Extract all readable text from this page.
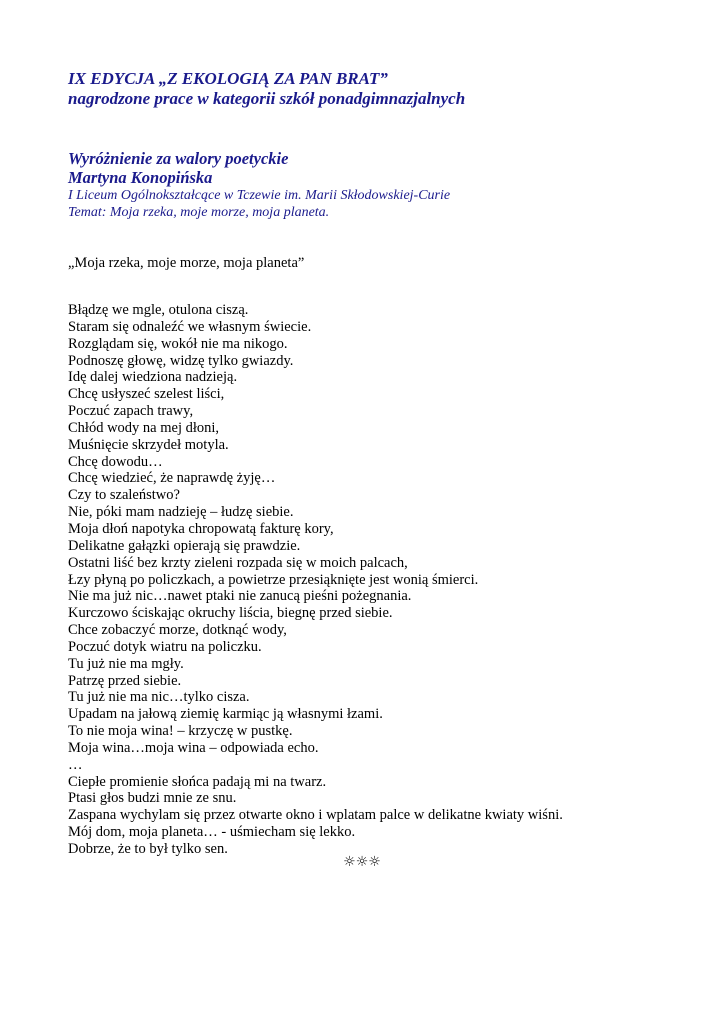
IX EDYCJA „Z EKOLOGIĄ ZA PAN BRAT”
nagrodzone prace w kategorii szkół ponadgimnazjalnych
Wyróżnienie za walory poetyckie
Martyna Konopińska
I Liceum Ogólnokształcące w Tczewie im. Marii Skłodowskiej-Curie
Temat: Moja rzeka, moje morze, moja planeta.
„Moja rzeka, moje morze, moja planeta”
Błądzę we mgle, otulona ciszą.
Staram się odnaleźć we własnym świecie.
Rozglądam się, wokół nie ma nikogo.
Podnoszę głowę, widzę tylko gwiazdy.
Idę dalej wiedziona nadzieją.
Chcę usłyszeć szelest liści,
Poczuć zapach trawy,
Chłód wody na mej dłoni,
Muśnięcie skrzydeł motyla.
Chcę dowodu…
Chcę wiedzieć, że naprawdę żyję…
Czy to szaleństwo?
Nie, póki mam nadzieję – łudzę siebie.
Moja dłoń napotyka chropowatą fakturę kory,
Delikatne gałązki opierają się prawdzie.
Ostatni liść bez krzty zieleni rozpada się w moich palcach,
Łzy płyną po policzkach, a powietrze przesiąknięte jest wonią śmierci.
Nie ma już nic…nawet ptaki nie zanucą pieśni pożegnania.
Kurczowo ściskając okruchy liścia, biegnę przed siebie.
Chce zobaczyć morze, dotknąć wody,
Poczuć dotyk wiatru na policzku.
Tu już nie ma mgły.
Patrzę przed siebie.
Tu już nie ma nic…tylko cisza.
Upadam na jałową ziemię karmiąc ją własnymi łzami.
To nie moja wina! – krzyczę w pustkę.
Moja wina…moja wina – odpowiada echo.
…
Ciepłe promienie słońca padają mi na twarz.
Ptasi głos budzi mnie ze snu.
Zaspana wychylam się przez otwarte okno i wplatam palce w delikatne kwiaty wiśni.
Mój dom, moja planeta… - uśmiecham się lekko.
Dobrze, że to był tylko sen.
☼☼☼
